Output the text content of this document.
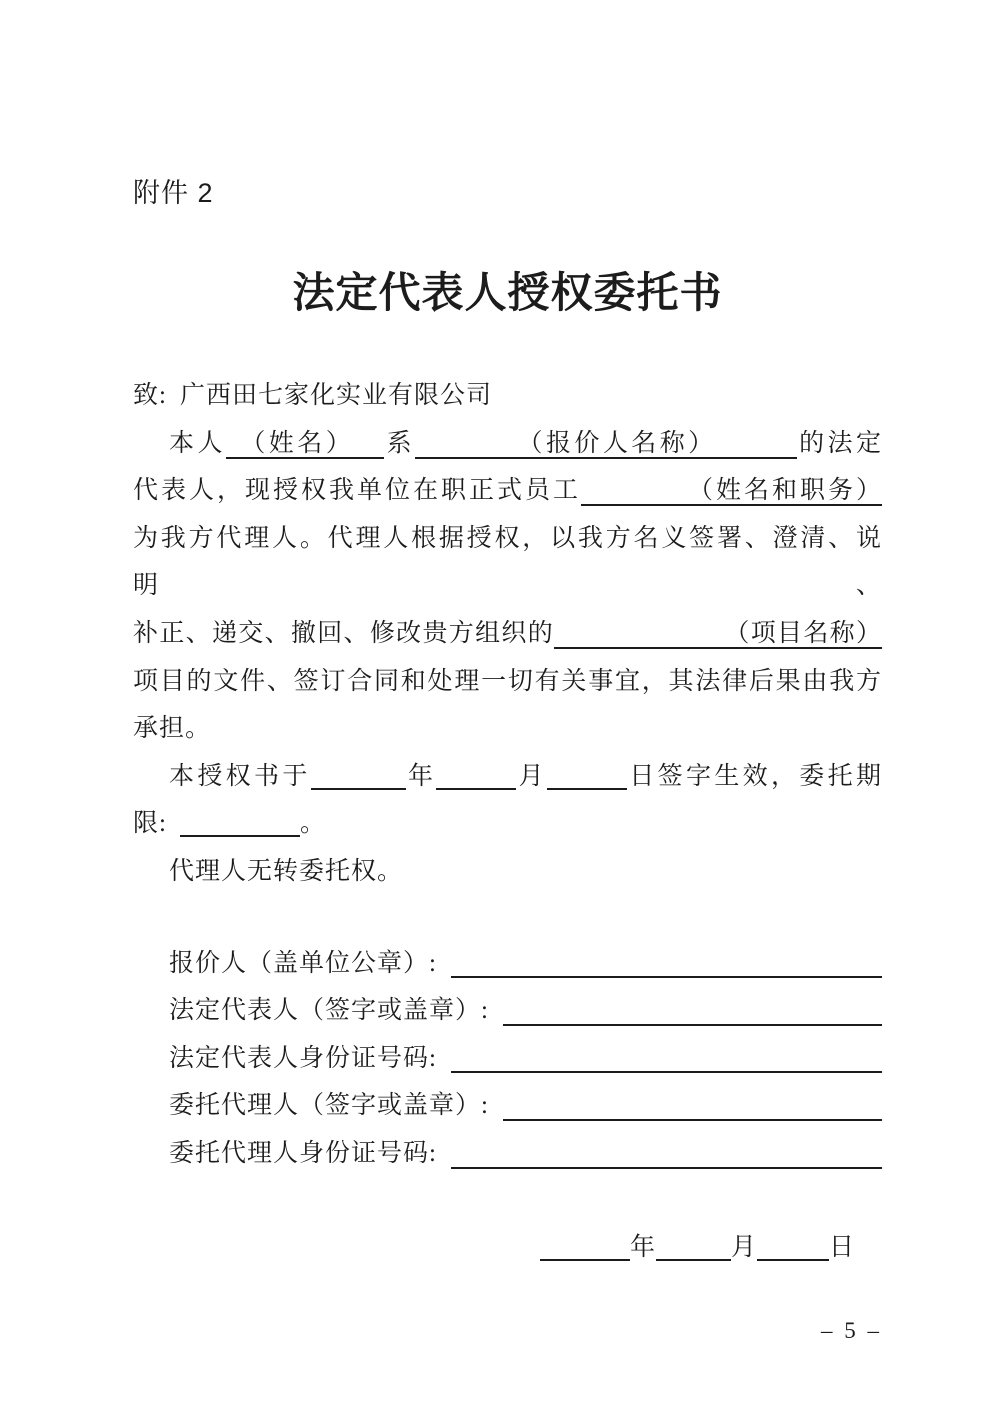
附件 2
法定代表人授权委托书
致: 广西田七家化实业有限公司
本人 （姓名） 系	（报价人名称）	的法定
代表人，现授权我单位在职正式员工	（姓名和职务）
为我方代理人。代理人根据授权，以我方名义签署、澄清、说明、
补正、递交、撤回、修改贵方组织的	（项目名称）
项目的文件、签订合同和处理一切有关事宜，其法律后果由我方
承担。
本授权书于	年	月	日签字生效，委托期
限:	。
代理人无转委托权。
报价人（盖单位公章）:
法定代表人（签字或盖章）:
法定代表人身份证号码:
委托代理人（签字或盖章）:
委托代理人身份证号码:
年	月	日
– 5 –
